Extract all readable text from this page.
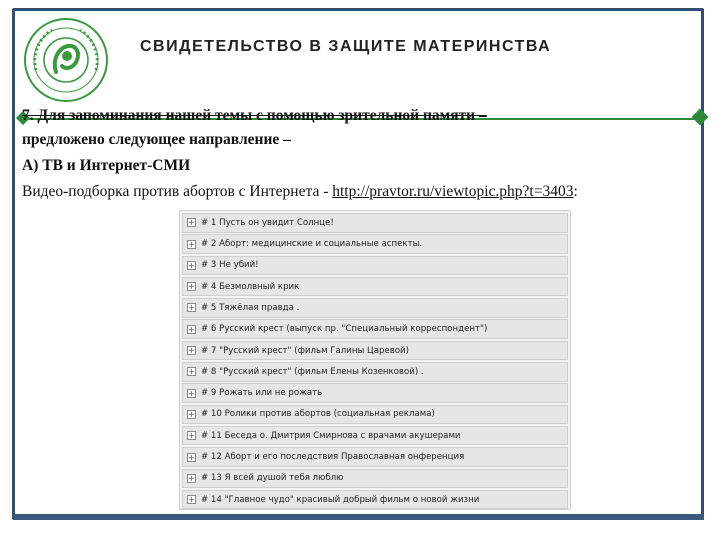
СВИДЕТЕЛЬСТВО В ЗАЩИТЕ МАТЕРИНСТВА
7. Для запоминания нашей темы с помощью зрительной памяти –
предложено следующее направление –
А) ТВ и Интернет-СМИ
Видео-подборка против абортов с Интернета - http://pravtor.ru/viewtopic.php?t=3403:
+ # 1 Пусть он увидит Солнце!
+ # 2 Аборт: медицинские и социальные аспекты.
+ # 3 Не убий!
+ # 4 Безмолвный крик
+ # 5 Тяжёлая правда .
+ # 6 Русский крест (выпуск пр. "Специальный корреспондент")
+ # 7 "Русский крест" (фильм Галины Царевой)
+ # 8 "Русский крест" (фильм Елены Козенковой) .
+ # 9 Рожать или не рожать
+ # 10 Ролики против абортов (социальная реклама)
+ # 11 Беседа о. Дмитрия Смирнова с врачами акушерами
+ # 12 Аборт и его последствия Православная онференция
+ # 13 Я всей душой тебя люблю
+ # 14 "Главное чудо" красивый добрый фильм о новой жизни
